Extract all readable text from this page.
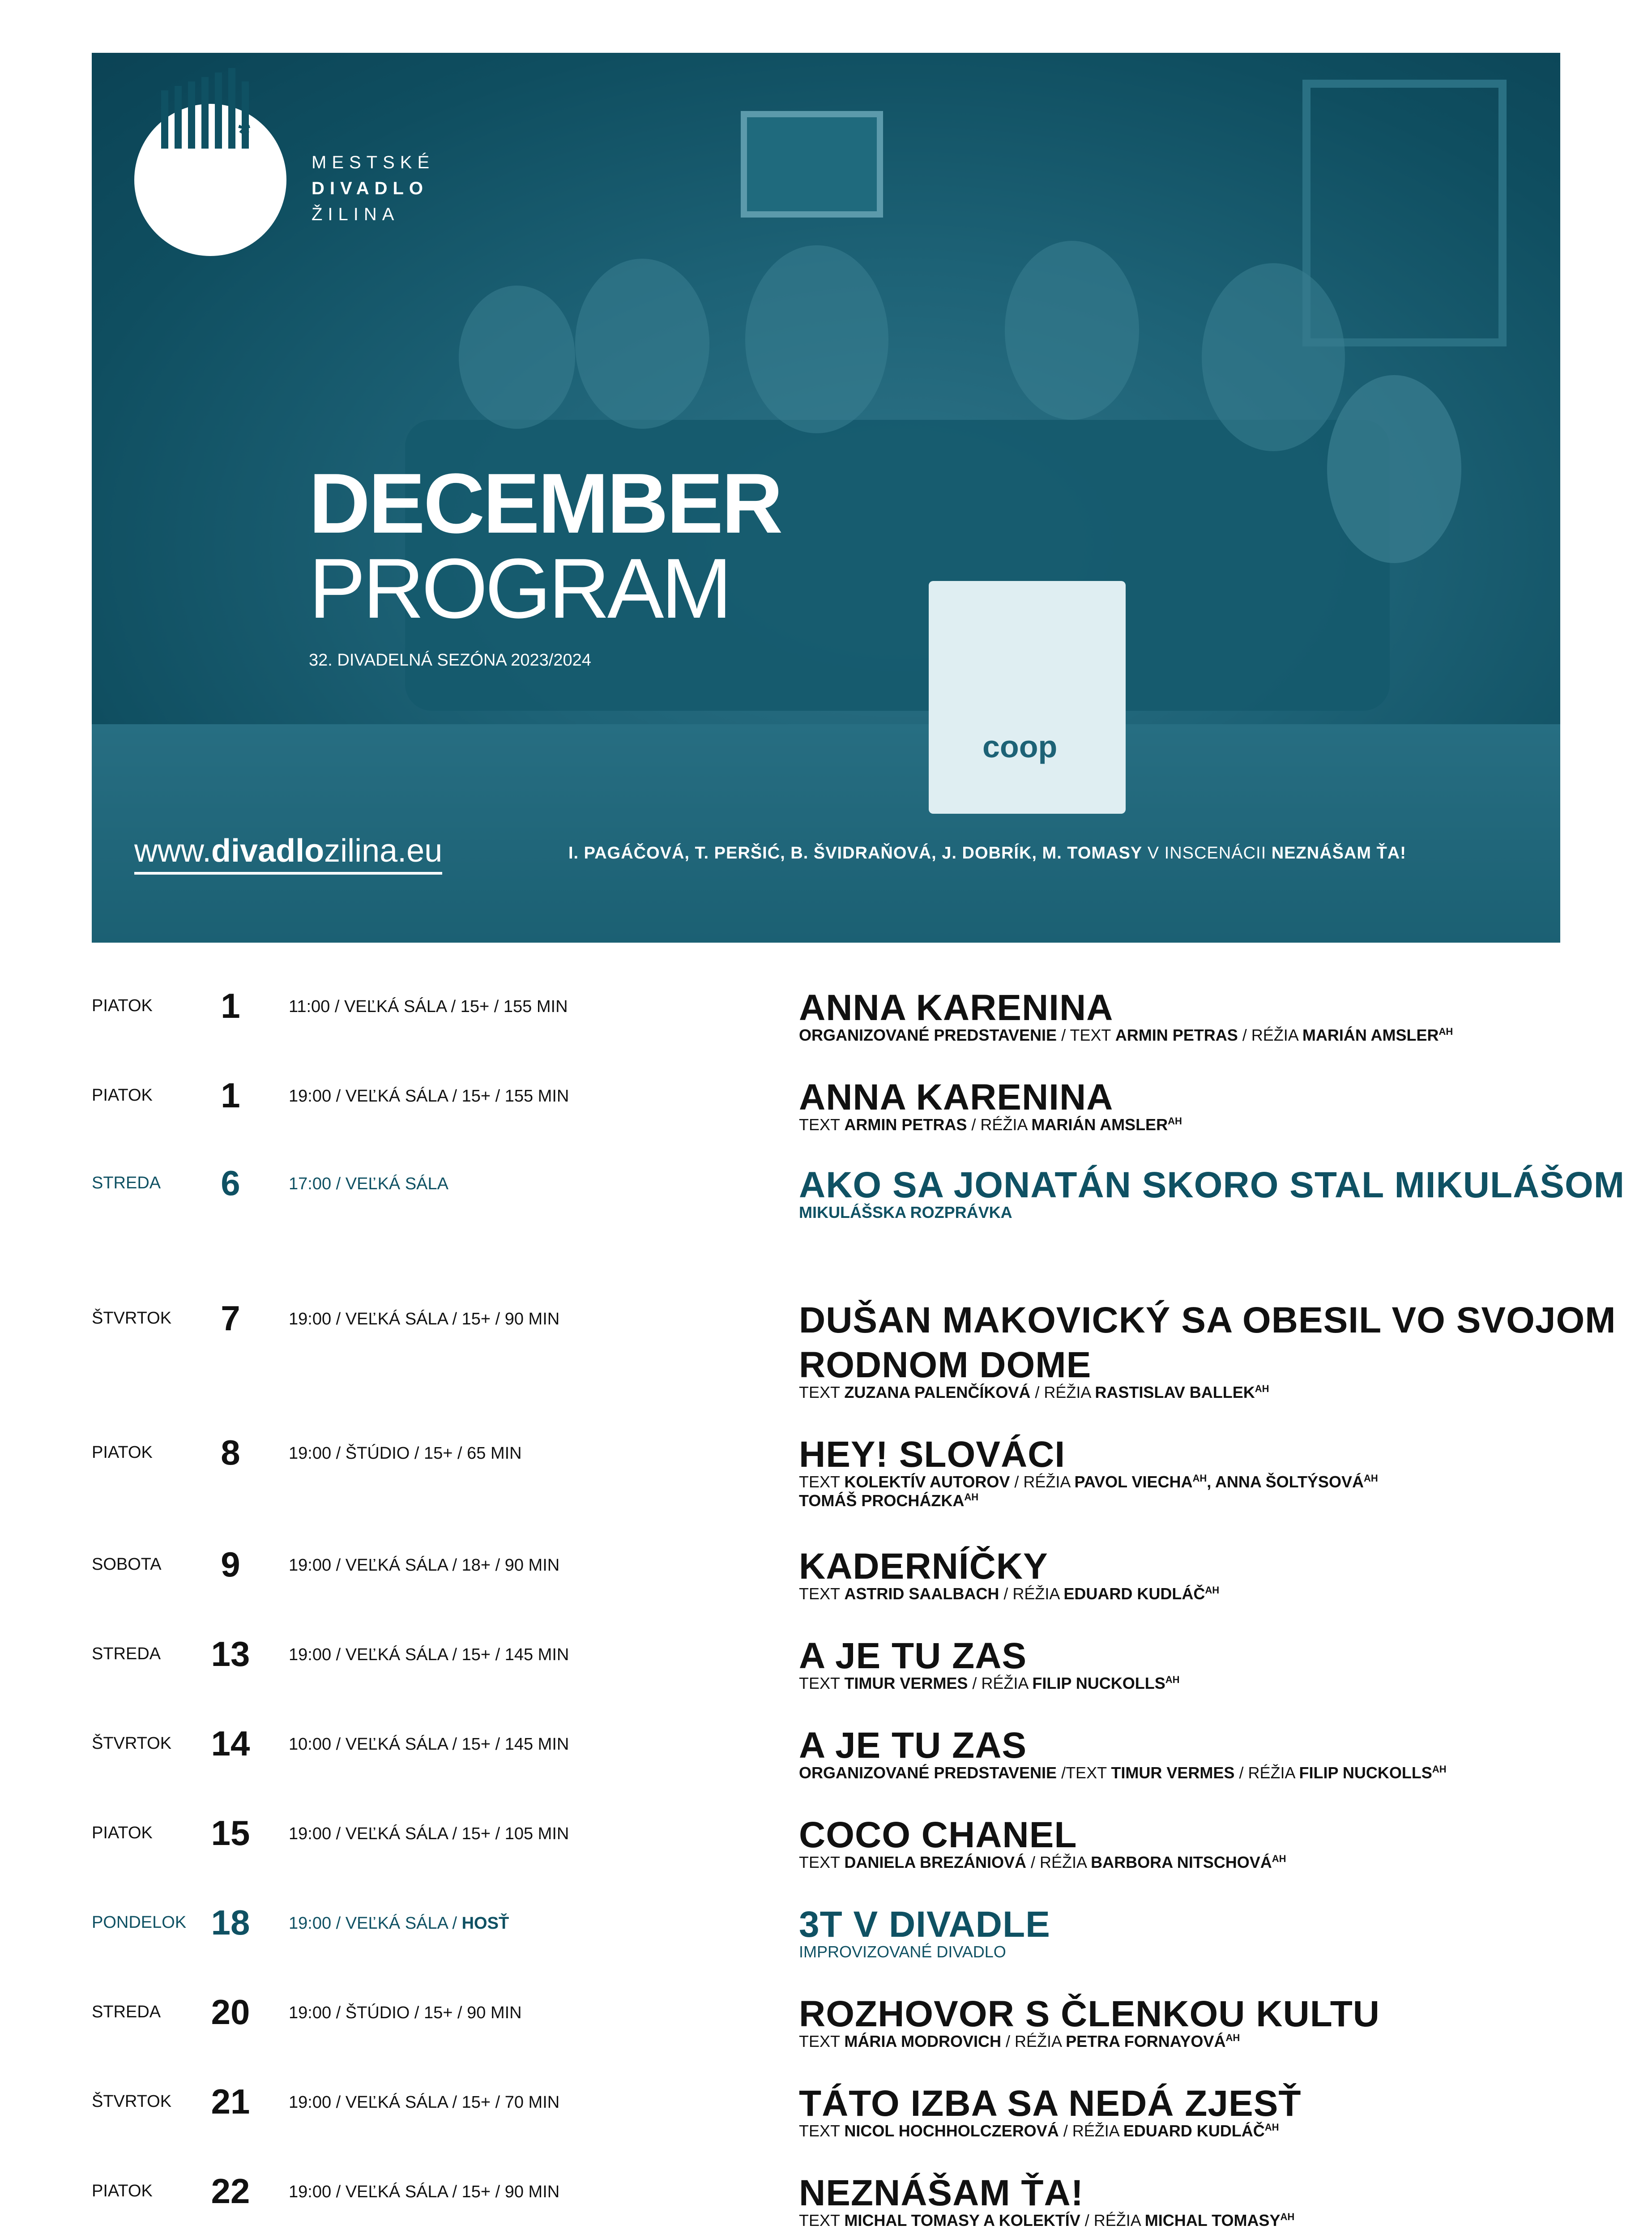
coop
*
MESTSKÉ
DIVADLO
ŽILINA
DECEMBER
PROGRAM
32. DIVADELNÁ SEZÓNA 2023/2024
www.divadlozilina.eu	I. PAGÁČOVÁ, T. PERŠIĆ, B. ŠVIDRAŇOVÁ, J. DOBRÍK, M. TOMASY V INSCENÁCII NEZNÁŠAM ŤA!
PIATOK	1	11:00 / VEĽKÁ SÁLA / 15+ / 155 MIN	ANNA KARENINA
ORGANIZOVANÉ PREDSTAVENIE / TEXT ARMIN PETRAS / RÉŽIA MARIÁN $AMSLER^{AH}$
PIATOK	1	19:00 / VEĽKÁ SÁLA / 15+ / 155 MIN	ANNA KARENINA
TEXT ARMIN PETRAS / RÉŽIA MARIÁN $AMSLER^{AH}$
STREDA	6	17:00 / VEĽKÁ SÁLA	AKO SA JONATÁN SKORO STAL MIKULÁŠOM
MIKULÁŠSKA ROZPRÁVKA
ŠTVRTOK	7	19:00 / VEĽKÁ SÁLA / 15+ / 90 MIN	DUŠAN MAKOVICKÝ SA OBESIL VO SVOJOM RODNOM DOME
TEXT ZUZANA PALENČÍKOVÁ / RÉŽIA RASTISLAV $BALLEK^{AH}$
PIATOK	8	19:00 / ŠTÚDIO / 15+ / 65 MIN	HEY! SLOVÁCI
TEXT KOLEKTÍV AUTOROV / RÉŽIA PAVOL $VIECHA^{AH}$, ANNA $ŠOLTÝSOVÁ^{AH}$
TOMÁŠ $PROCHÁZKA^{AH}$
SOBOTA	9	19:00 / VEĽKÁ SÁLA / 18+ / 90 MIN	KADERNÍČKY
TEXT ASTRID SAALBACH / RÉŽIA EDUARD $KUDLÁČ^{AH}$
STREDA 13	19:00 / VEĽKÁ SÁLA / 15+ / 145 MIN	A JE TU ZAS
TEXT TIMUR VERMES / RÉŽIA FILIP $NUCKOLLS^{AH}$
ŠTVRTOK 14	10:00 / VEĽKÁ SÁLA / 15+ / 145 MIN	A JE TU ZAS
ORGANIZOVANÉ PREDSTAVENIE /TEXT TIMUR VERMES / RÉŽIA FILIP $NUCKOLLS^{AH}$
PIATOK 15	19:00 / VEĽKÁ SÁLA / 15+ / 105 MIN	COCO CHANEL
TEXT DANIELA BREZÁNIOVÁ / RÉŽIA BARBORA $NITSCHOVÁ^{AH}$
PONDELOK 18	19:00 / VEĽKÁ SÁLA / HOSŤ	3T V DIVADLE
IMPROVIZOVANÉ DIVADLO
STREDA 20	19:00 / ŠTÚDIO / 15+ / 90 MIN	ROZHOVOR S ČLENKOU KULTU
TEXT MÁRIA MODROVICH / RÉŽIA PETRA $FORNAYOVÁ^{AH}$
ŠTVRTOK 21	19:00 / VEĽKÁ SÁLA / 15+ / 70 MIN	TÁTO IZBA SA NEDÁ ZJESŤ
TEXT NICOL HOCHHOLCZEROVÁ / RÉŽIA EDUARD $KUDLÁČ^{AH}$
PIATOK 22	19:00 / VEĽKÁ SÁLA / 15+ / 90 MIN	NEZNÁŠAM ŤA!
TEXT MICHAL TOMASY A KOLEKTÍV / RÉŽIA MICHAL $TOMASY^{AH}$
